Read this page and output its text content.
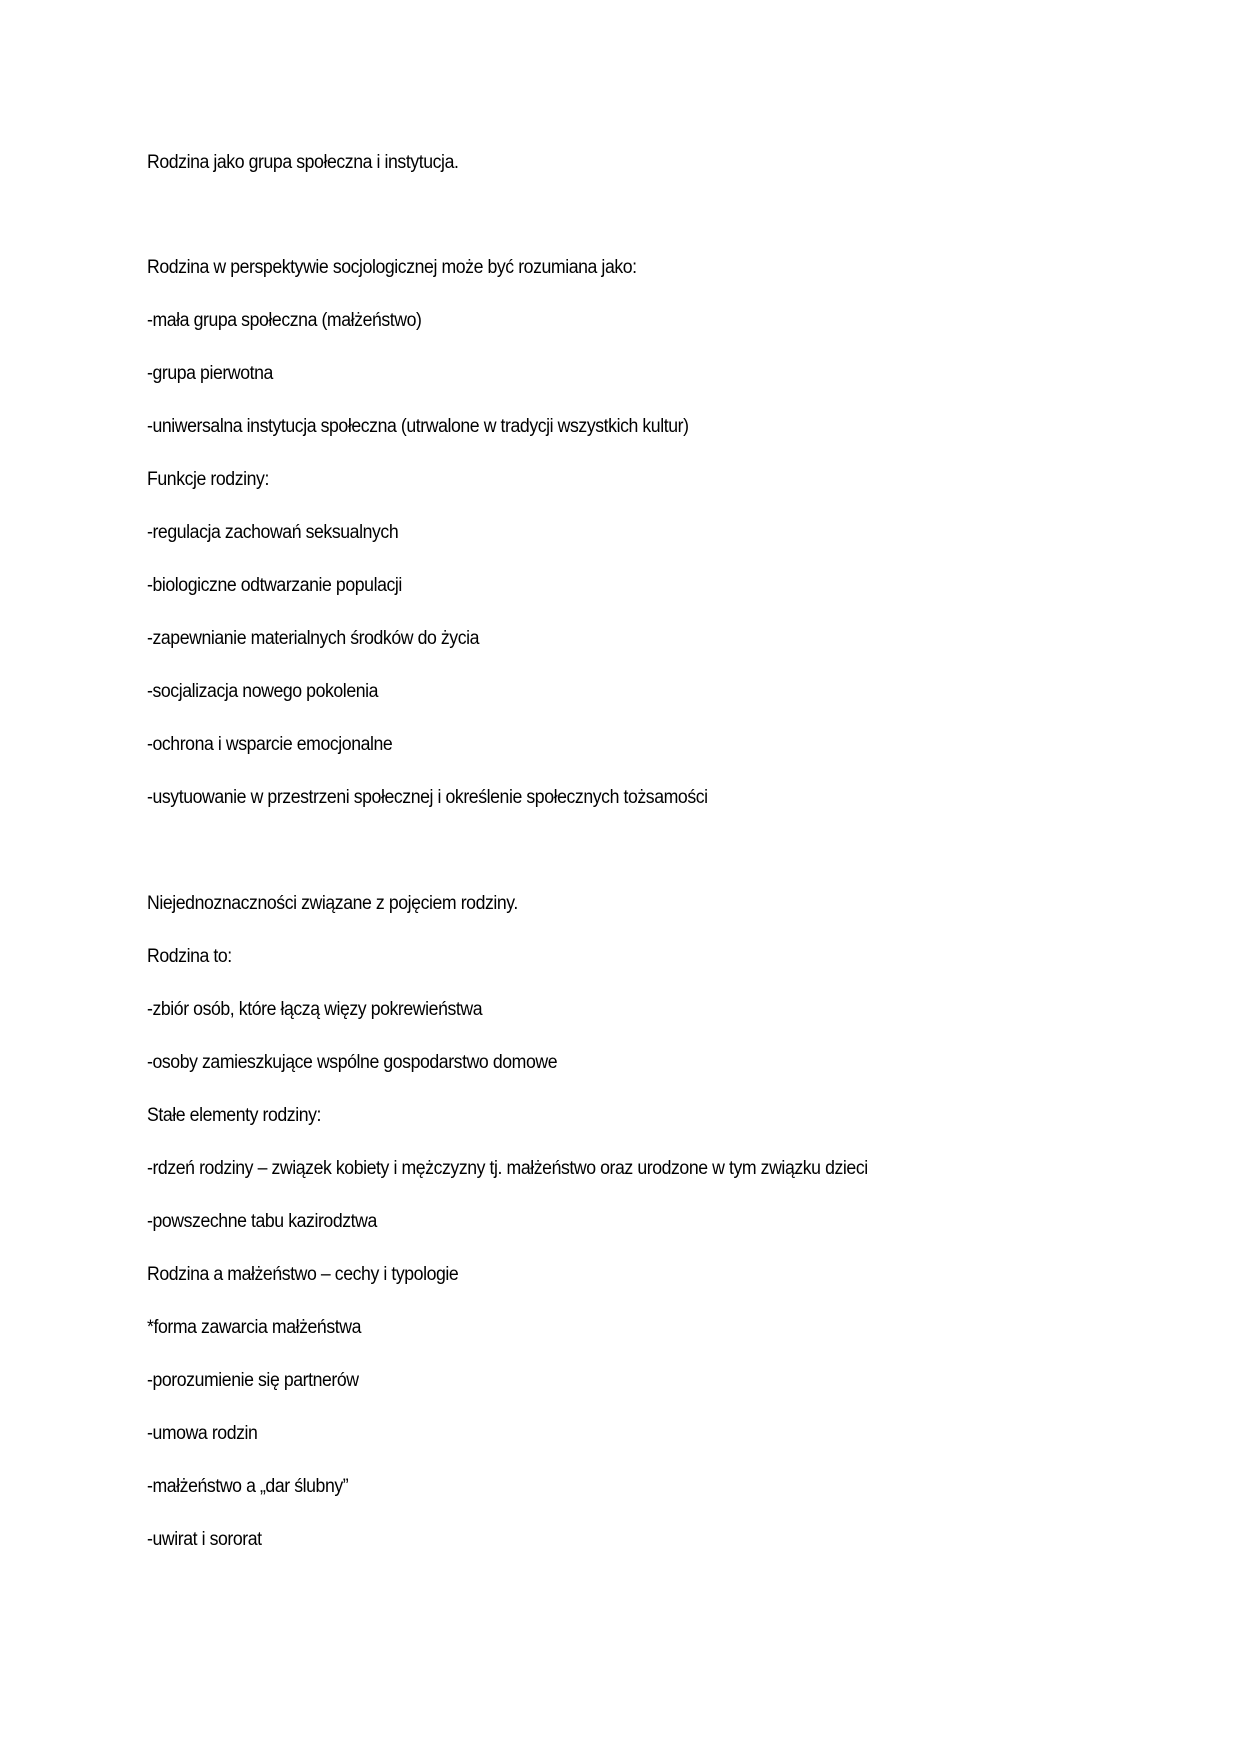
Rodzina jako grupa społeczna i instytucja.
Rodzina w perspektywie socjologicznej może być rozumiana jako:
-mała grupa społeczna (małżeństwo)
-grupa pierwotna
-uniwersalna instytucja społeczna (utrwalone w tradycji wszystkich kultur)
Funkcje rodziny:
-regulacja zachowań seksualnych
-biologiczne odtwarzanie populacji
-zapewnianie materialnych środków do życia
-socjalizacja nowego pokolenia
-ochrona i wsparcie emocjonalne
-usytuowanie w przestrzeni społecznej i określenie społecznych tożsamości
Niejednoznaczności związane z pojęciem rodziny.
Rodzina to:
-zbiór osób, które łączą więzy pokrewieństwa
-osoby zamieszkujące wspólne gospodarstwo domowe
Stałe elementy rodziny:
-rdzeń rodziny – związek kobiety i mężczyzny tj. małżeństwo oraz urodzone w tym związku dzieci
-powszechne tabu kazirodztwa
Rodzina a małżeństwo – cechy i typologie
*forma zawarcia małżeństwa
-porozumienie się partnerów
-umowa rodzin
-małżeństwo a „dar ślubny”
-uwirat i sororat
